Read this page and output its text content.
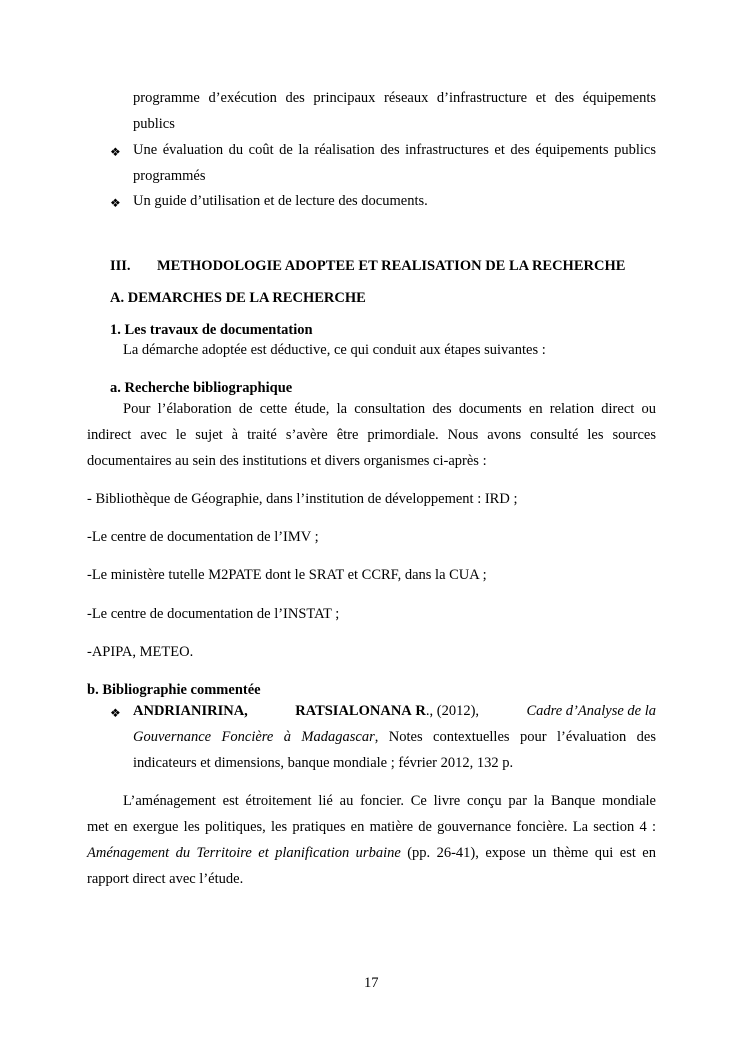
programme d’exécution des principaux réseaux d’infrastructure et des équipements
publics
❖ Une évaluation du coût de la réalisation des infrastructures et des équipements publics
programmés
❖ Un guide d’utilisation et de lecture des documents.
III. METHODOLOGIE ADOPTEE ET REALISATION DE LA RECHERCHE
A. DEMARCHES DE LA RECHERCHE
1. Les travaux de documentation
La démarche adoptée est déductive, ce qui conduit aux étapes suivantes :
a. Recherche bibliographique
Pour l’élaboration de cette étude, la consultation des documents en relation direct ou
indirect avec le sujet à traité s’avère être primordiale. Nous avons consulté les sources
documentaires au sein des institutions et divers organismes ci-après :
- Bibliothèque de Géographie, dans l’institution de développement : IRD ;
-Le centre de documentation de l’IMV ;
-Le ministère tutelle M2PATE dont le SRAT et CCRF, dans la CUA ;
-Le centre de documentation de l’INSTAT ;
-APIPA, METEO.
b. Bibliographie commentée
❖ ANDRIANIRINA,	RATSIALONANA R., (2012),	Cadre d’Analyse de la
Gouvernance Foncière à Madagascar, Notes contextuelles pour l’évaluation des
indicateurs et dimensions, banque mondiale ; février 2012, 132 p.
L’aménagement est étroitement lié au foncier. Ce livre conçu par la Banque mondiale
met en exergue les politiques, les pratiques en matière de gouvernance foncière. La section 4 :
Aménagement du Territoire et planification urbaine (pp. 26-41), expose un thème qui est en
rapport direct avec l’étude.
17
